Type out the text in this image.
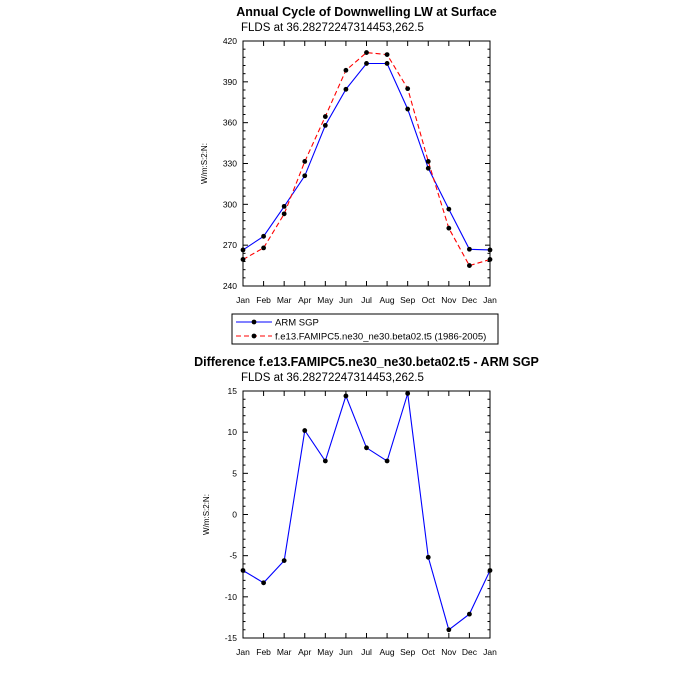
Annual Cycle of Downwelling LW at Surface
FLDS at 36.28272247314453,262.5
W/m:S:2:N:
240
270
300
330
360
390
420
Jan Feb Mar Apr May Jun Jul Aug Sep Oct Nov Dec Jan
ARM SGP
f.e13.FAMIPC5.ne30_ne30.beta02.t5 (1986-2005)
Difference f.e13.FAMIPC5.ne30_ne30.beta02.t5 - ARM SGP
FLDS at 36.28272247314453,262.5
W/m:S:2:N:
-15
-10
-5
0
5
10
15
Jan Feb Mar Apr May Jun Jul Aug Sep Oct Nov Dec Jan
